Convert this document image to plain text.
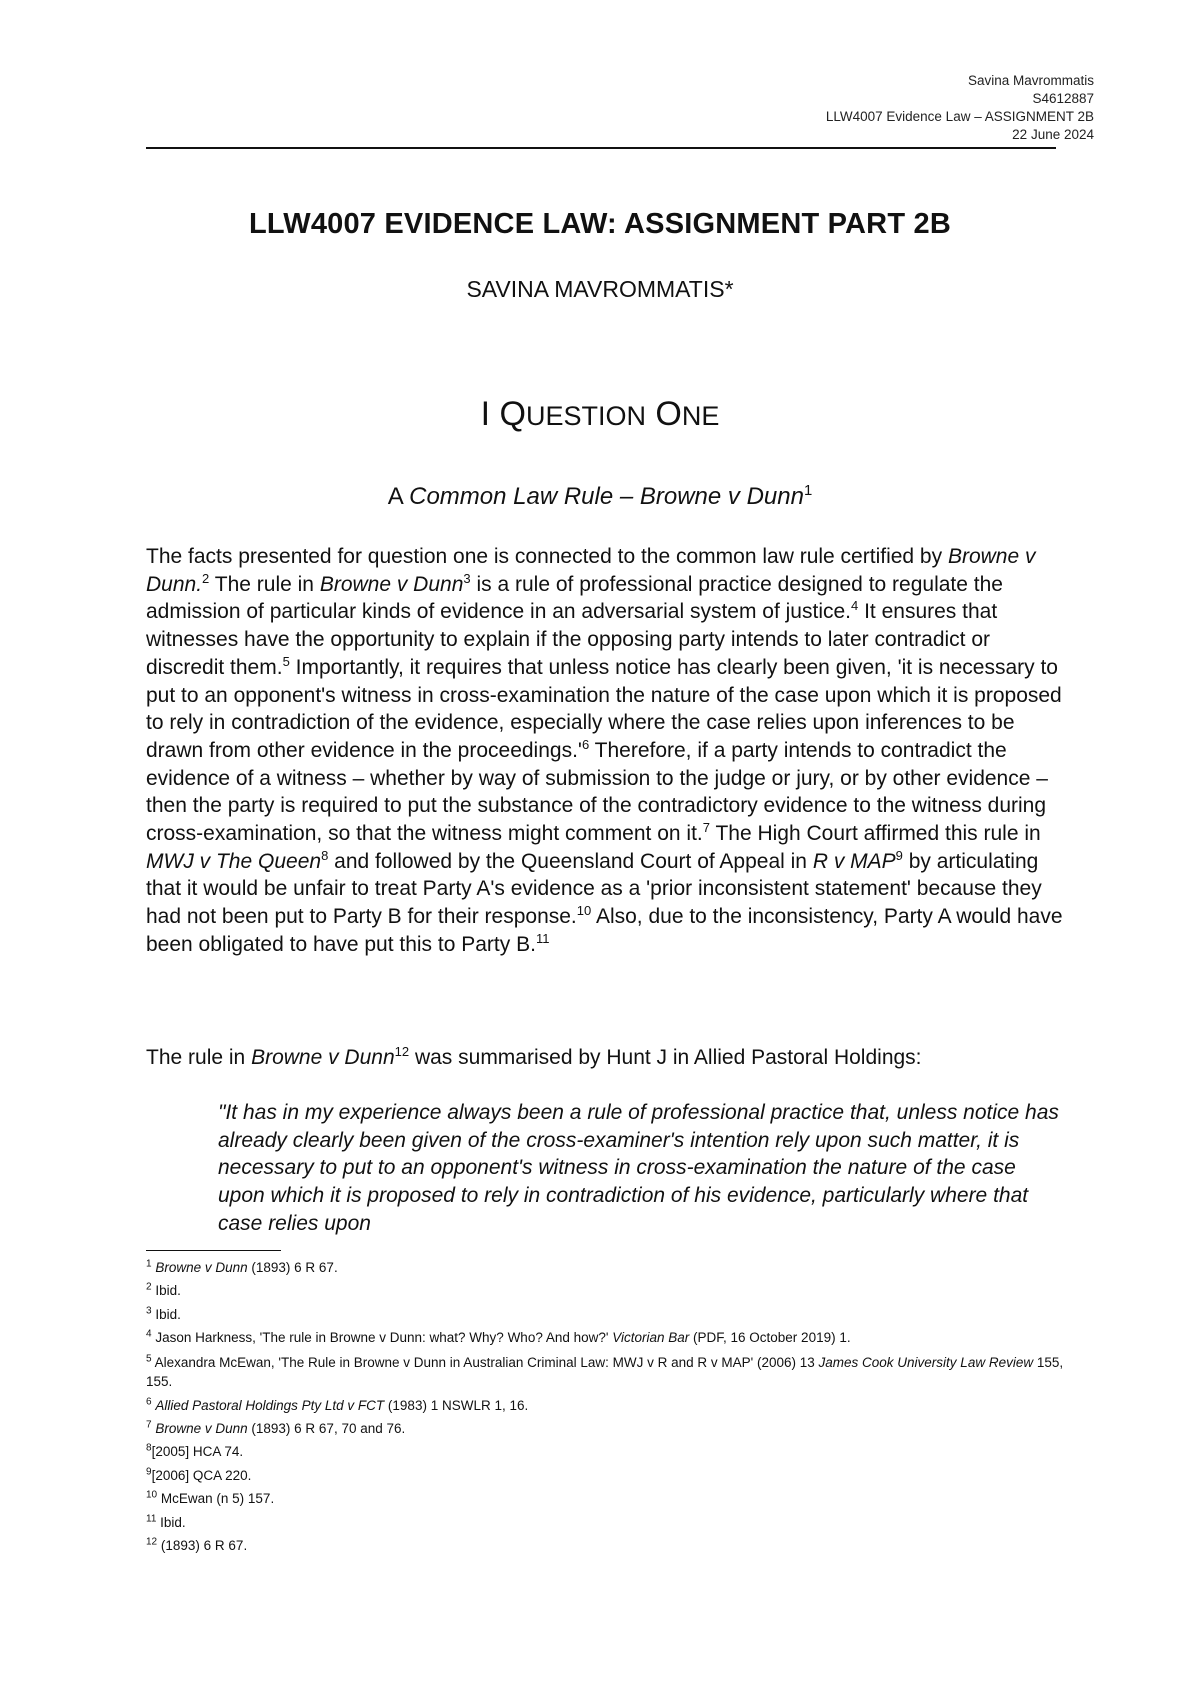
Savina Mavrommatis
S4612887
LLW4007 Evidence Law – ASSIGNMENT 2B
22 June 2024
LLW4007 EVIDENCE LAW: ASSIGNMENT PART 2B
SAVINA MAVROMMATIS*
I QUESTION ONE
A Common Law Rule – Browne v Dunn$^1$

The facts presented for question one is connected to the common law rule certified by Browne v Dunn.$^2$ The rule in Browne v Dunn$^3$ is a rule of professional practice designed to regulate the admission of particular kinds of evidence in an adversarial system of justice.$^4$ It ensures that witnesses have the opportunity to explain if the opposing party intends to later contradict or discredit them.$^5$ Importantly, it requires that unless notice has clearly been given, 'it is necessary to put to an opponent's witness in cross-examination the nature of the case upon which it is proposed to rely in contradiction of the evidence, especially where the case relies upon inferences to be drawn from other evidence in the proceedings.'$^6$ Therefore, if a party intends to contradict the evidence of a witness – whether by way of submission to the judge or jury, or by other evidence – then the party is required to put the substance of the contradictory evidence to the witness during cross-examination, so that the witness might comment on it.$^7$ The High Court affirmed this rule in MWJ v The Queen$^8$ and followed by the Queensland Court of Appeal in R v MAP$^9$ by articulating that it would be unfair to treat Party A's evidence as a 'prior inconsistent statement' because they had not been put to Party B for their response.$^{10}$ Also, due to the inconsistency, Party A would have been obligated to have put this to Party B.$^{11}$

The rule in Browne v Dunn$^{12}$ was summarised by Hunt J in Allied Pastoral Holdings:

"It has in my experience always been a rule of professional practice that, unless notice has already clearly been given of the cross-examiner's intention rely upon such matter, it is necessary to put to an opponent's witness in cross-examination the nature of the case upon which it is proposed to rely in contradiction of his evidence, particularly where that case relies upon

$^1$ Browne v Dunn (1893) 6 R 67.
$^2$ Ibid.
$^3$ Ibid.
$^4$ Jason Harkness, 'The rule in Browne v Dunn: what? Why? Who? And how?' Victorian Bar (PDF, 16 October 2019) 1.
$^5$ Alexandra McEwan, 'The Rule in Browne v Dunn in Australian Criminal Law: MWJ v R and R v MAP' (2006) 13 James Cook University Law Review 155, 155.
$^6$ Allied Pastoral Holdings Pty Ltd v FCT (1983) 1 NSWLR 1, 16.
$^7$ Browne v Dunn (1893) 6 R 67, 70 and 76.
$^8$[2005] HCA 74.
$^9$[2006] QCA 220.
$^{10}$ McEwan (n 5) 157.
$^{11}$ Ibid.
$^{12}$ (1893) 6 R 67.
